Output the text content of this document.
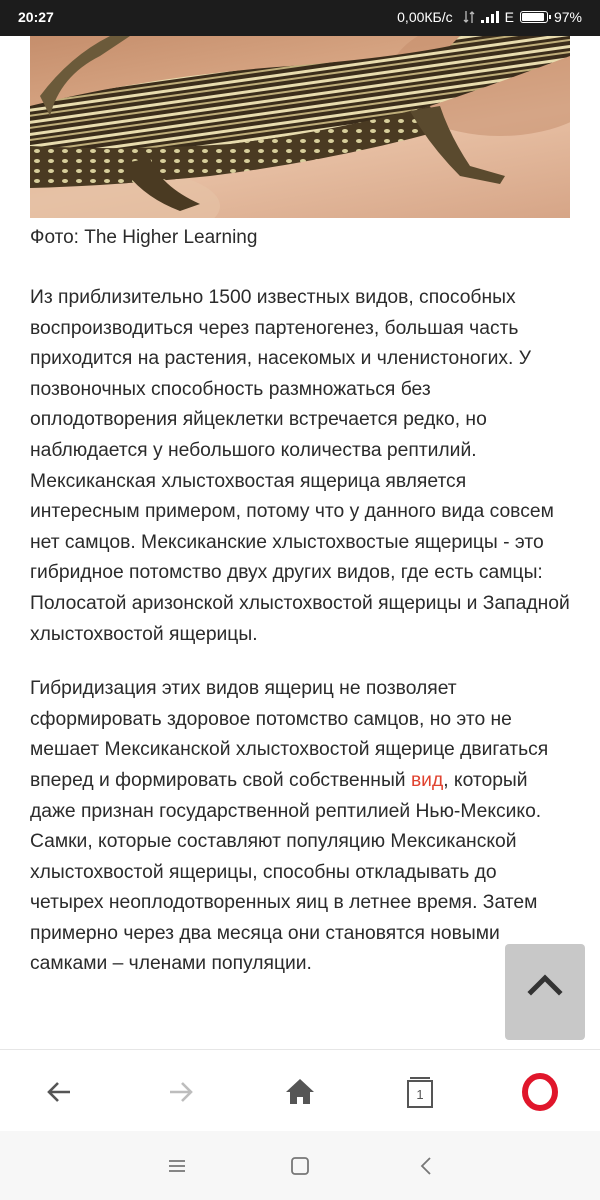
20:27	0,00КБ/с	E	97%
Фото: The Higher Learning

Из приблизительно 1500 известных видов, способных воспроизводиться через партеногенез, большая часть приходится на растения, насекомых и членистоногих. У позвоночных способность размножаться без оплодотворения яйцеклетки встречается редко, но наблюдается у небольшого количества рептилий. Мексиканская хлыстохвостая ящерица является интересным примером, потому что у данного вида совсем нет самцов. Мексиканские хлыстохвостые ящерицы - это гибридное потомство двух других видов, где есть самцы: Полосатой аризонской хлыстохвостой ящерицы и Западной хлыстохвостой ящерицы.

Гибридизация этих видов ящериц не позволяет сформировать здоровое потомство самцов, но это не мешает Мексиканской хлыстохвостой ящерице двигаться вперед и формировать свой собственный вид, который даже признан государственной рептилией Нью-Мексико. Самки, которые составляют популяцию Мексиканской хлыстохвостой ящерицы, способны откладывать до четырех неоплодотворенных яиц в летнее время. Затем примерно через два месяца они становятся новыми самками – членами популяции.

1
